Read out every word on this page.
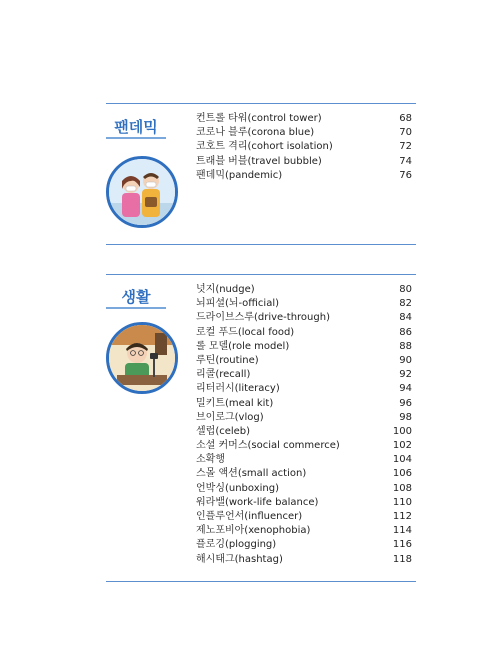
팬데믹	컨트롤 타워(control tower)	68
코로나 블루(corona blue)	70
코호트 격리(cohort isolation)	72
트래블 버블(travel bubble)	74
팬데믹(pandemic)	76
생활	넛지(nudge)	80
뇌피셜(뇌-official)	82
드라이브스루(drive-through)	84
로컬 푸드(local food)	86
롤 모델(role model)	88
루틴(routine)	90
리콜(recall)	92
리터러시(literacy)	94
밀키트(meal kit)	96
브이로그(vlog)	98
셀럽(celeb)	100
소셜 커머스(social commerce)	102
소확행	104
스몰 액션(small action)	106
언박싱(unboxing)	108
워라밸(work-life balance)	110
인플루언서(influencer)	112
제노포비아(xenophobia)	114
플로깅(plogging)	116
해시태그(hashtag)	118
